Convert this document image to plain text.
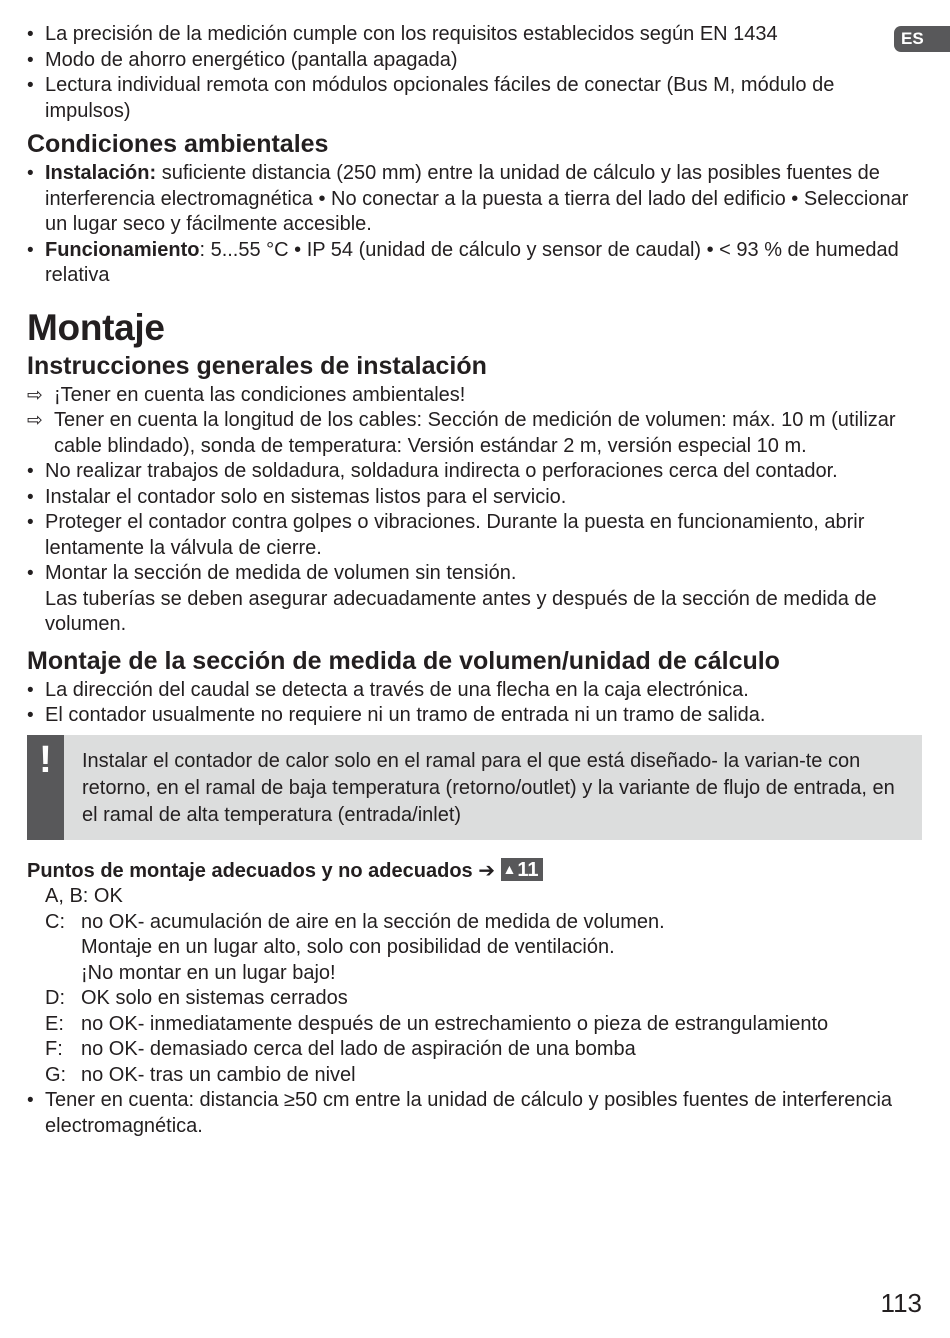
ES
• La precisión de la medición cumple con los requisitos establecidos según EN 1434
• Modo de ahorro energético (pantalla apagada)
• Lectura individual remota con módulos opcionales fáciles de conectar (Bus M, módulo de impulsos)
Condiciones ambientales
• Instalación: suficiente distancia (250 mm) entre la unidad de cálculo y las posibles fuentes de interferencia electromagnética • No conectar a la puesta a tierra del lado del edificio • Seleccionar un lugar seco y fácilmente accesible.
• Funcionamiento: 5...55 °C • IP 54 (unidad de cálculo y sensor de caudal) • < 93 % de humedad relativa
Montaje
Instrucciones generales de instalación
⇨ ¡Tener en cuenta las condiciones ambientales!
⇨ Tener en cuenta la longitud de los cables: Sección de medición de volumen: máx. 10 m (utilizar cable blindado), sonda de temperatura: Versión estándar 2 m, versión especial 10 m.
• No realizar trabajos de soldadura, soldadura indirecta o perforaciones cerca del contador.
• Instalar el contador solo en sistemas listos para el servicio.
• Proteger el contador contra golpes o vibraciones. Durante la puesta en funcionamiento, abrir lentamente la válvula de cierre.
• Montar la sección de medida de volumen sin tensión.
Las tuberías se deben asegurar adecuadamente antes y después de la sección de medida de volumen.
Montaje de la sección de medida de volumen/unidad de cálculo
• La dirección del caudal se detecta a través de una flecha en la caja electrónica.
• El contador usualmente no requiere ni un tramo de entrada ni un tramo de salida.
!	Instalar el contador de calor solo en el ramal para el que está diseñado- la varian-te con retorno, en el ramal de baja temperatura (retorno/outlet) y la variante de flujo de entrada, en el ramal de alta temperatura (entrada/inlet)
Puntos de montaje adecuados y no adecuados ➔ ▲11
A, B: OK
C: no OK- acumulación de aire en la sección de medida de volumen.
Montaje en un lugar alto, solo con posibilidad de ventilación.
¡No montar en un lugar bajo!
D: OK solo en sistemas cerrados
E: no OK- inmediatamente después de un estrechamiento o pieza de estrangulamiento
F: no OK- demasiado cerca del lado de aspiración de una bomba
G: no OK- tras un cambio de nivel
• Tener en cuenta: distancia ≥50 cm entre la unidad de cálculo y posibles fuentes de interferencia electromagnética.
113
